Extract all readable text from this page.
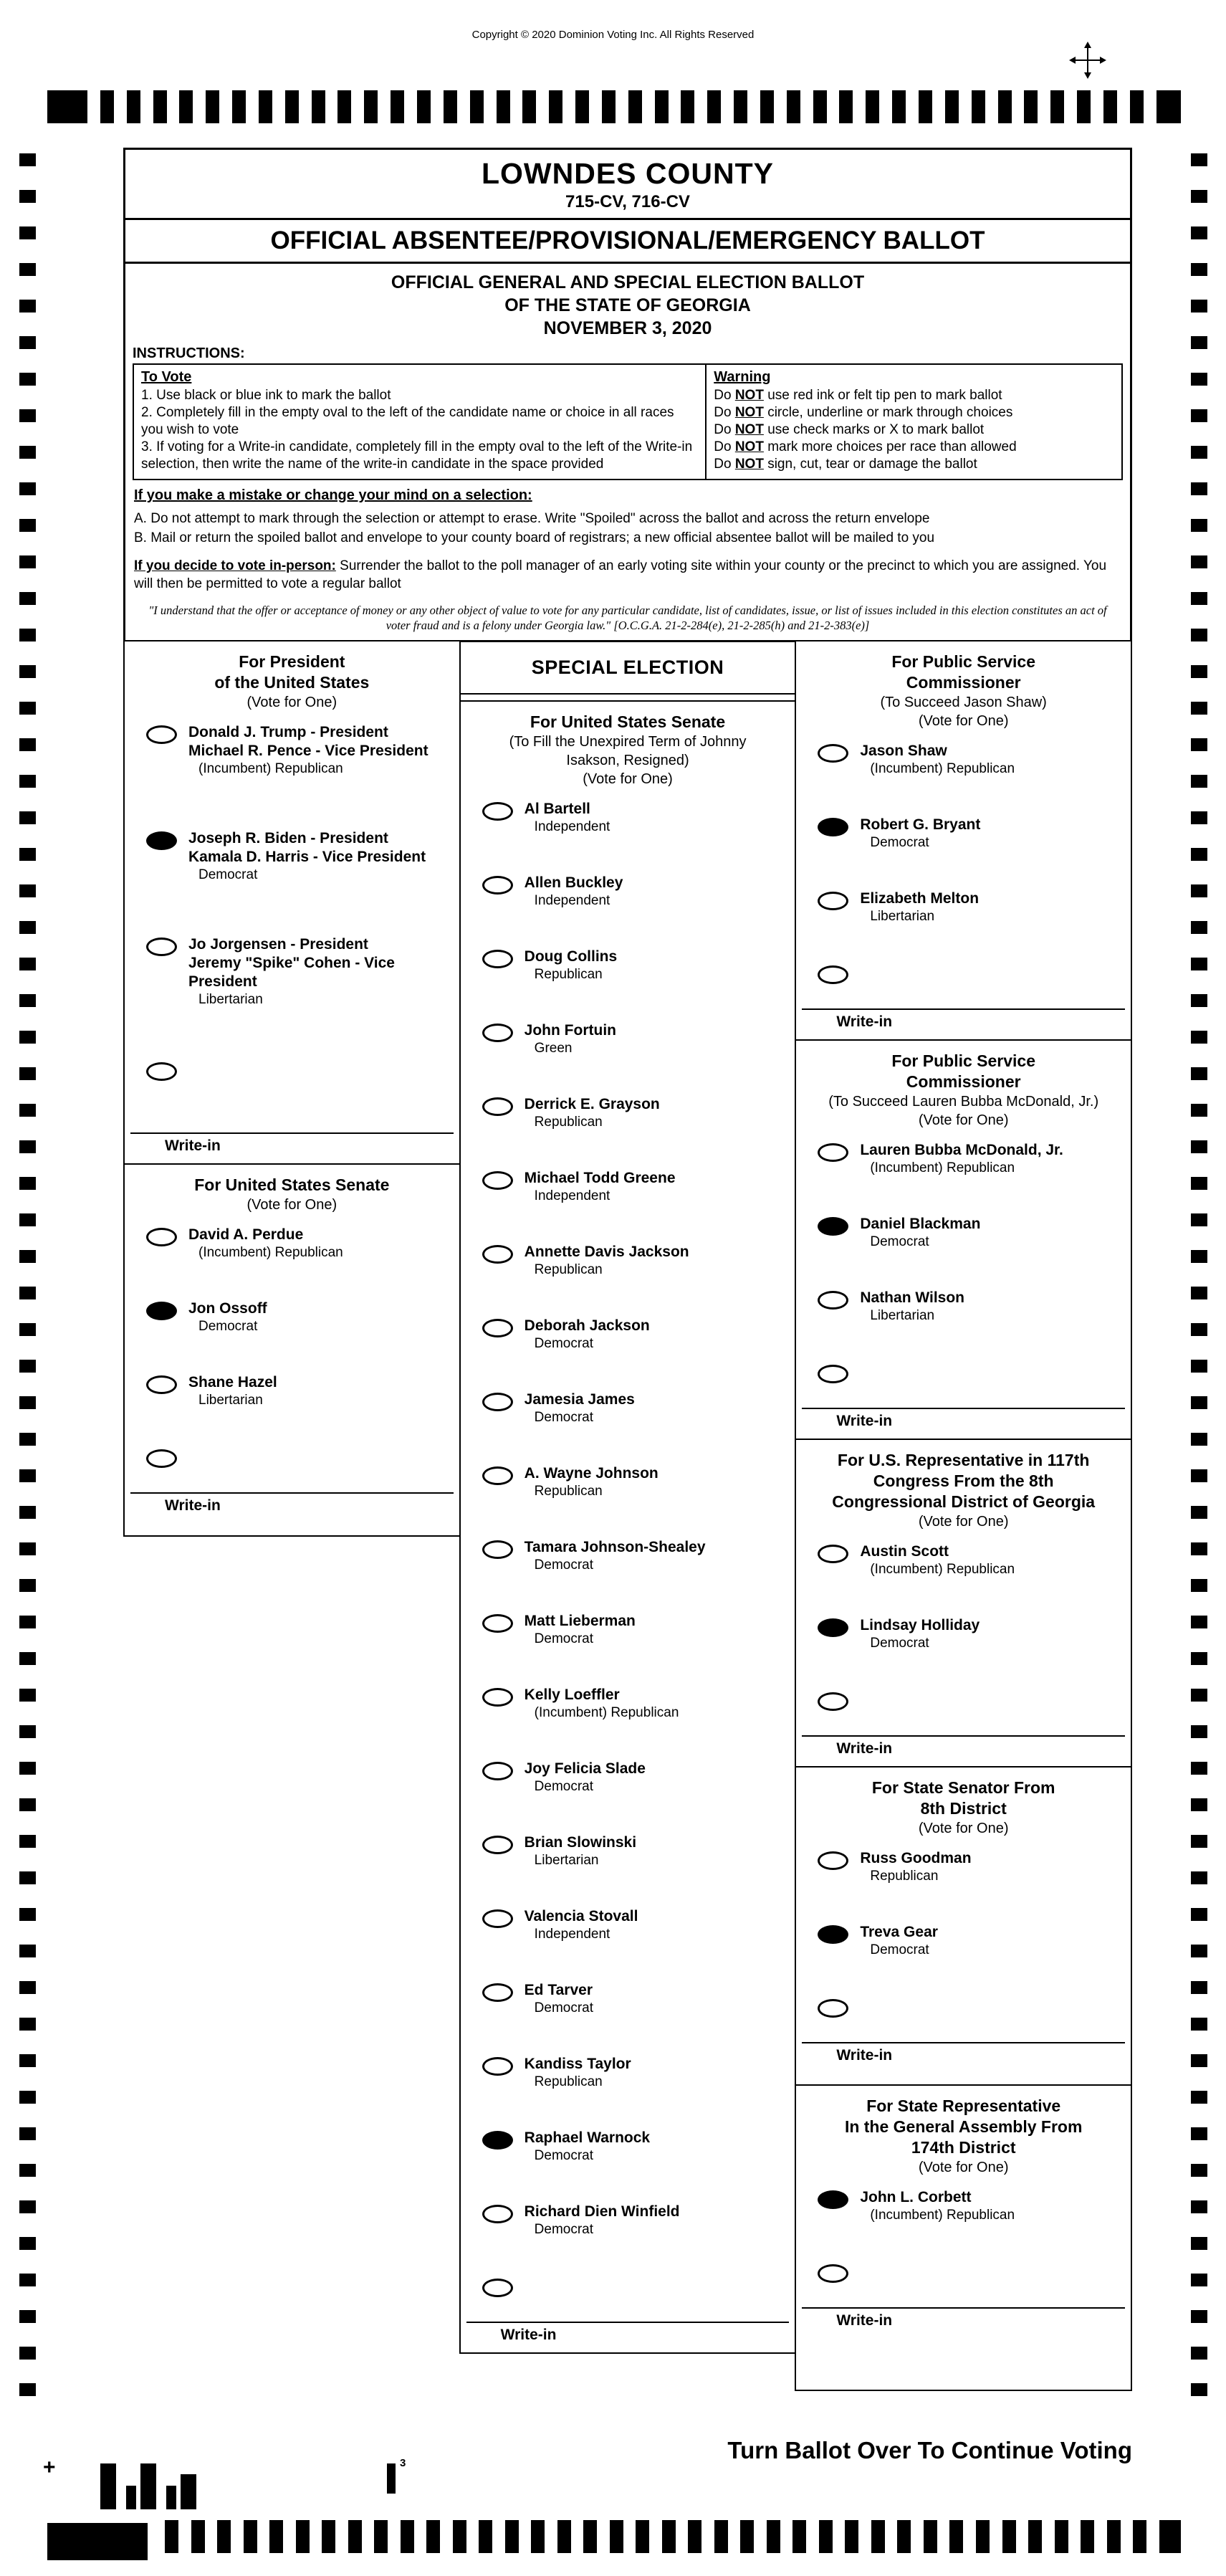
Copyright © 2020 Dominion Voting Inc. All Rights Reserved
+	3	Turn Ballot Over To Continue Voting
LOWNDES COUNTY
715-CV, 716-CV
OFFICIAL ABSENTEE/PROVISIONAL/EMERGENCY BALLOT
OFFICIAL GENERAL AND SPECIAL ELECTION BALLOT
OF THE STATE OF GEORGIA
NOVEMBER 3, 2020
INSTRUCTIONS:
To Vote
1. Use black or blue ink to mark the ballot
2. Completely fill in the empty oval to the left of the candidate name or choice in all races you wish to vote
3. If voting for a Write-in candidate, completely fill in the empty oval to the left of the Write-in selection, then write the name of the write-in candidate in the space provided
Warning
Do NOT use red ink or felt tip pen to mark ballot
Do NOT circle, underline or mark through choices
Do NOT use check marks or X to mark ballot
Do NOT mark more choices per race than allowed
Do NOT sign, cut, tear or damage the ballot
If you make a mistake or change your mind on a selection:
A. Do not attempt to mark through the selection or attempt to erase. Write "Spoiled" across the ballot and across the return envelope
B. Mail or return the spoiled ballot and envelope to your county board of registrars; a new official absentee ballot will be mailed to you
If you decide to vote in-person: Surrender the ballot to the poll manager of an early voting site within your county or the precinct to which you are assigned. You will then be permitted to vote a regular ballot
"I understand that the offer or acceptance of money or any other object of value to vote for any particular candidate, list of candidates, issue, or list of issues included in this election constitutes an act of voter fraud and is a felony under Georgia law." [O.C.G.A. 21-2-284(e), 21-2-285(h) and 21-2-383(e)]
For President
of the United States
(Vote for One)
Donald J. Trump - President
Michael R. Pence - Vice President
(Incumbent) Republican
Joseph R. Biden - President
Kamala D. Harris - Vice President
Democrat
Jo Jorgensen - President
Jeremy "Spike" Cohen - Vice President
Libertarian
Write-in
For United States Senate
(Vote for One)
David A. Perdue
(Incumbent) Republican
Jon Ossoff
Democrat
Shane Hazel
Libertarian
Write-in
SPECIAL ELECTION
For United States Senate
(To Fill the Unexpired Term of Johnny
Isakson, Resigned)
(Vote for One)
Al Bartell
Independent
Allen Buckley
Independent
Doug Collins
Republican
John Fortuin
Green
Derrick E. Grayson
Republican
Michael Todd Greene
Independent
Annette Davis Jackson
Republican
Deborah Jackson
Democrat
Jamesia James
Democrat
A. Wayne Johnson
Republican
Tamara Johnson-Shealey
Democrat
Matt Lieberman
Democrat
Kelly Loeffler
(Incumbent) Republican
Joy Felicia Slade
Democrat
Brian Slowinski
Libertarian
Valencia Stovall
Independent
Ed Tarver
Democrat
Kandiss Taylor
Republican
Raphael Warnock
Democrat
Richard Dien Winfield
Democrat
Write-in
For Public Service
Commissioner
(To Succeed Jason Shaw)
(Vote for One)
Jason Shaw
(Incumbent) Republican
Robert G. Bryant
Democrat
Elizabeth Melton
Libertarian
Write-in
For Public Service
Commissioner
(To Succeed Lauren Bubba McDonald, Jr.)
(Vote for One)
Lauren Bubba McDonald, Jr.
(Incumbent) Republican
Daniel Blackman
Democrat
Nathan Wilson
Libertarian
Write-in
For U.S. Representative in 117th
Congress From the 8th
Congressional District of Georgia
(Vote for One)
Austin Scott
(Incumbent) Republican
Lindsay Holliday
Democrat
Write-in
For State Senator From
8th District
(Vote for One)
Russ Goodman
Republican
Treva Gear
Democrat
Write-in
For State Representative
In the General Assembly From
174th District
(Vote for One)
John L. Corbett
(Incumbent) Republican
Write-in
